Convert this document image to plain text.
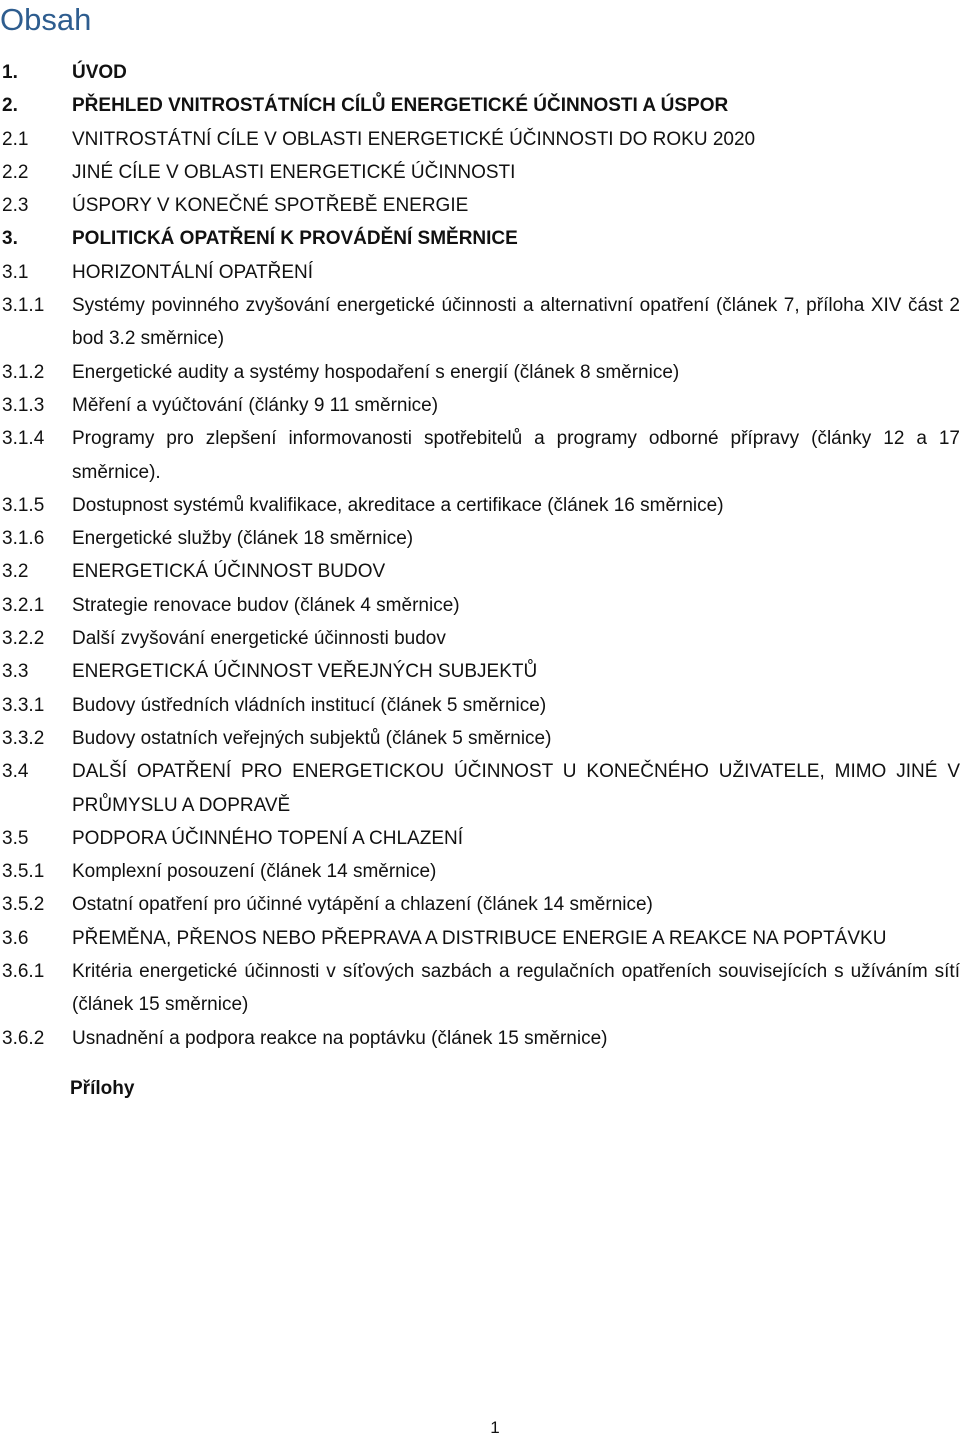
Obsah
1.	ÚVOD
2.	PŘEHLED VNITROSTÁTNÍCH CÍLŮ ENERGETICKÉ ÚČINNOSTI A ÚSPOR
2.1	VNITROSTÁTNÍ CÍLE V OBLASTI ENERGETICKÉ ÚČINNOSTI DO ROKU 2020
2.2	JINÉ CÍLE V OBLASTI ENERGETICKÉ ÚČINNOSTI
2.3	ÚSPORY V KONEČNÉ SPOTŘEBĚ ENERGIE
3.	POLITICKÁ OPATŘENÍ K PROVÁDĚNÍ SMĚRNICE
3.1	HORIZONTÁLNÍ OPATŘENÍ
3.1.1	Systémy povinného zvyšování energetické účinnosti a alternativní opatření (článek 7, příloha XIV část 2 bod 3.2 směrnice)
3.1.2	Energetické audity a systémy hospodaření s energií (článek 8 směrnice)
3.1.3	Měření a vyúčtování (články 9 11 směrnice)
3.1.4	Programy pro zlepšení informovanosti spotřebitelů a programy odborné přípravy (články 12 a 17 směrnice).
3.1.5	Dostupnost systémů kvalifikace, akreditace a certifikace (článek 16 směrnice)
3.1.6	Energetické služby (článek 18 směrnice)
3.2	ENERGETICKÁ ÚČINNOST BUDOV
3.2.1	Strategie renovace budov (článek 4 směrnice)
3.2.2	Další zvyšování energetické účinnosti budov
3.3	ENERGETICKÁ ÚČINNOST VEŘEJNÝCH SUBJEKTŮ
3.3.1	Budovy ústředních vládních institucí (článek 5 směrnice)
3.3.2	Budovy ostatních veřejných subjektů (článek 5 směrnice)
3.4	DALŠÍ OPATŘENÍ PRO ENERGETICKOU ÚČINNOST U KONEČNÉHO UŽIVATELE, MIMO JINÉ V PRŮMYSLU A DOPRAVĚ
3.5	PODPORA ÚČINNÉHO TOPENÍ A CHLAZENÍ
3.5.1	Komplexní posouzení (článek 14 směrnice)
3.5.2	Ostatní opatření pro účinné vytápění a chlazení (článek 14 směrnice)
3.6	PŘEMĚNA, PŘENOS NEBO PŘEPRAVA A DISTRIBUCE ENERGIE A REAKCE NA POPTÁVKU
3.6.1	Kritéria energetické účinnosti v síťových sazbách a regulačních opatřeních souvisejících s užíváním sítí (článek 15 směrnice)
3.6.2	Usnadnění a podpora reakce na poptávku (článek 15 směrnice)
Přílohy
1
